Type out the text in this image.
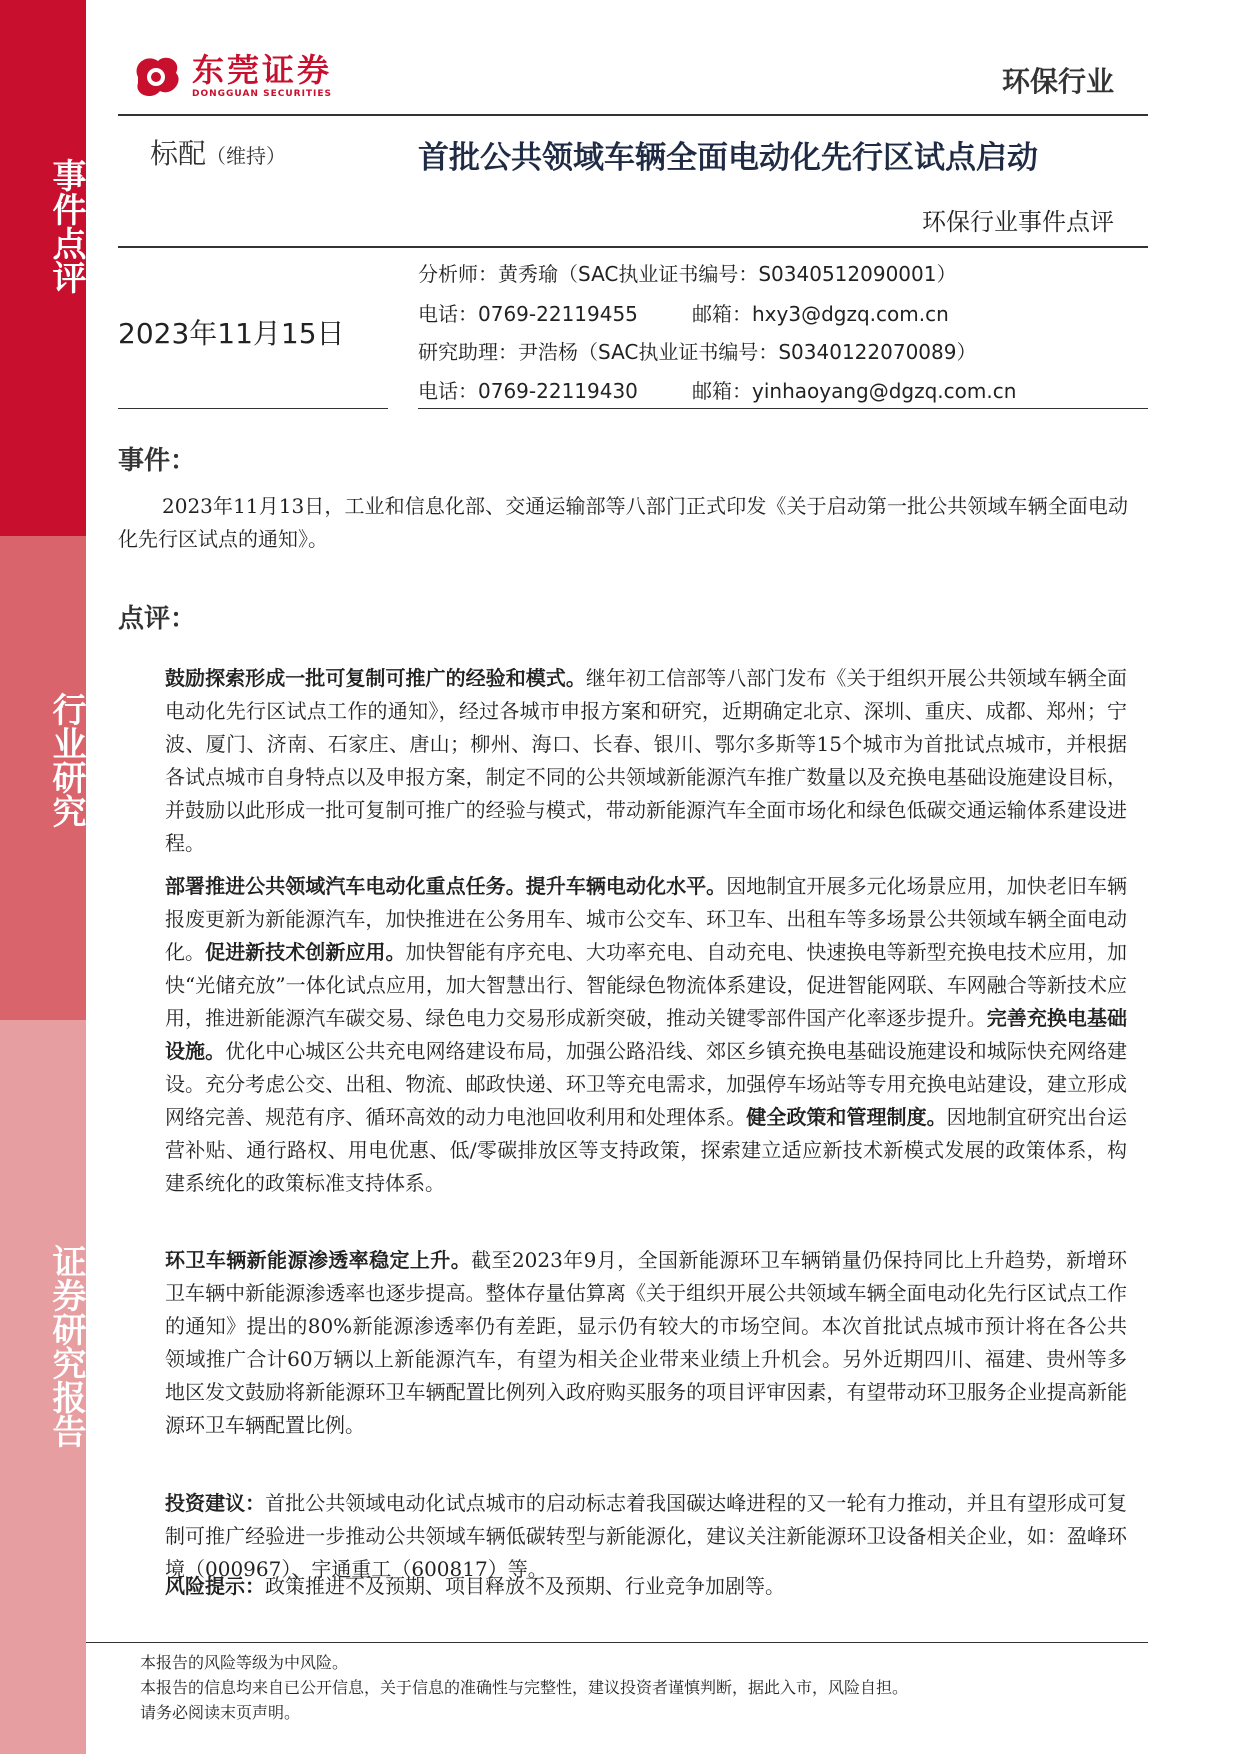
事件点评
行业研究
证券研究报告
东莞证券
DONGGUAN SECURITIES	环保行业
标配（维持）	首批公共领域车辆全面电动化先行区试点启动
环保行业事件点评
2023年11月15日
分析师：黄秀瑜（SAC执业证书编号：S0340512090001）
电话：0769-22119455	邮箱：hxy3@dgzq.com.cn
研究助理：尹浩杨（SAC执业证书编号：S0340122070089）
电话：0769-22119430	邮箱：yinhaoyang@dgzq.com.cn
事件：
2023年11月13日，工业和信息化部、交通运输部等八部门正式印发《关于启动第一批公共领域车辆全面电动化先行区试点的通知》。
点评：
鼓励探索形成一批可复制可推广的经验和模式。继年初工信部等八部门发布《关于组织开展公共领域车辆全面电动化先行区试点工作的通知》，经过各城市申报方案和研究，近期确定北京、深圳、重庆、成都、郑州；宁波、厦门、济南、石家庄、唐山；柳州、海口、长春、银川、鄂尔多斯等15个城市为首批试点城市，并根据各试点城市自身特点以及申报方案，制定不同的公共领域新能源汽车推广数量以及充换电基础设施建设目标，并鼓励以此形成一批可复制可推广的经验与模式，带动新能源汽车全面市场化和绿色低碳交通运输体系建设进程。
部署推进公共领域汽车电动化重点任务。提升车辆电动化水平。因地制宜开展多元化场景应用，加快老旧车辆报废更新为新能源汽车，加快推进在公务用车、城市公交车、环卫车、出租车等多场景公共领域车辆全面电动化。促进新技术创新应用。加快智能有序充电、大功率充电、自动充电、快速换电等新型充换电技术应用，加快“光储充放”一体化试点应用，加大智慧出行、智能绿色物流体系建设，促进智能网联、车网融合等新技术应用，推进新能源汽车碳交易、绿色电力交易形成新突破，推动关键零部件国产化率逐步提升。完善充换电基础设施。优化中心城区公共充电网络建设布局，加强公路沿线、郊区乡镇充换电基础设施建设和城际快充网络建设。充分考虑公交、出租、物流、邮政快递、环卫等充电需求，加强停车场站等专用充换电站建设，建立形成网络完善、规范有序、循环高效的动力电池回收利用和处理体系。健全政策和管理制度。因地制宜研究出台运营补贴、通行路权、用电优惠、低/零碳排放区等支持政策，探索建立适应新技术新模式发展的政策体系，构建系统化的政策标准支持体系。
环卫车辆新能源渗透率稳定上升。截至2023年9月，全国新能源环卫车辆销量仍保持同比上升趋势，新增环卫车辆中新能源渗透率也逐步提高。整体存量估算离《关于组织开展公共领域车辆全面电动化先行区试点工作的通知》提出的80%新能源渗透率仍有差距，显示仍有较大的市场空间。本次首批试点城市预计将在各公共领域推广合计60万辆以上新能源汽车，有望为相关企业带来业绩上升机会。另外近期四川、福建、贵州等多地区发文鼓励将新能源环卫车辆配置比例列入政府购买服务的项目评审因素，有望带动环卫服务企业提高新能源环卫车辆配置比例。
投资建议：首批公共领域电动化试点城市的启动标志着我国碳达峰进程的又一轮有力推动，并且有望形成可复制可推广经验进一步推动公共领域车辆低碳转型与新能源化，建议关注新能源环卫设备相关企业，如：盈峰环境（000967）、宇通重工（600817）等。
风险提示：政策推进不及预期、项目释放不及预期、行业竞争加剧等。
本报告的风险等级为中风险。
本报告的信息均来自已公开信息，关于信息的准确性与完整性，建议投资者谨慎判断，据此入市，风险自担。
请务必阅读末页声明。
